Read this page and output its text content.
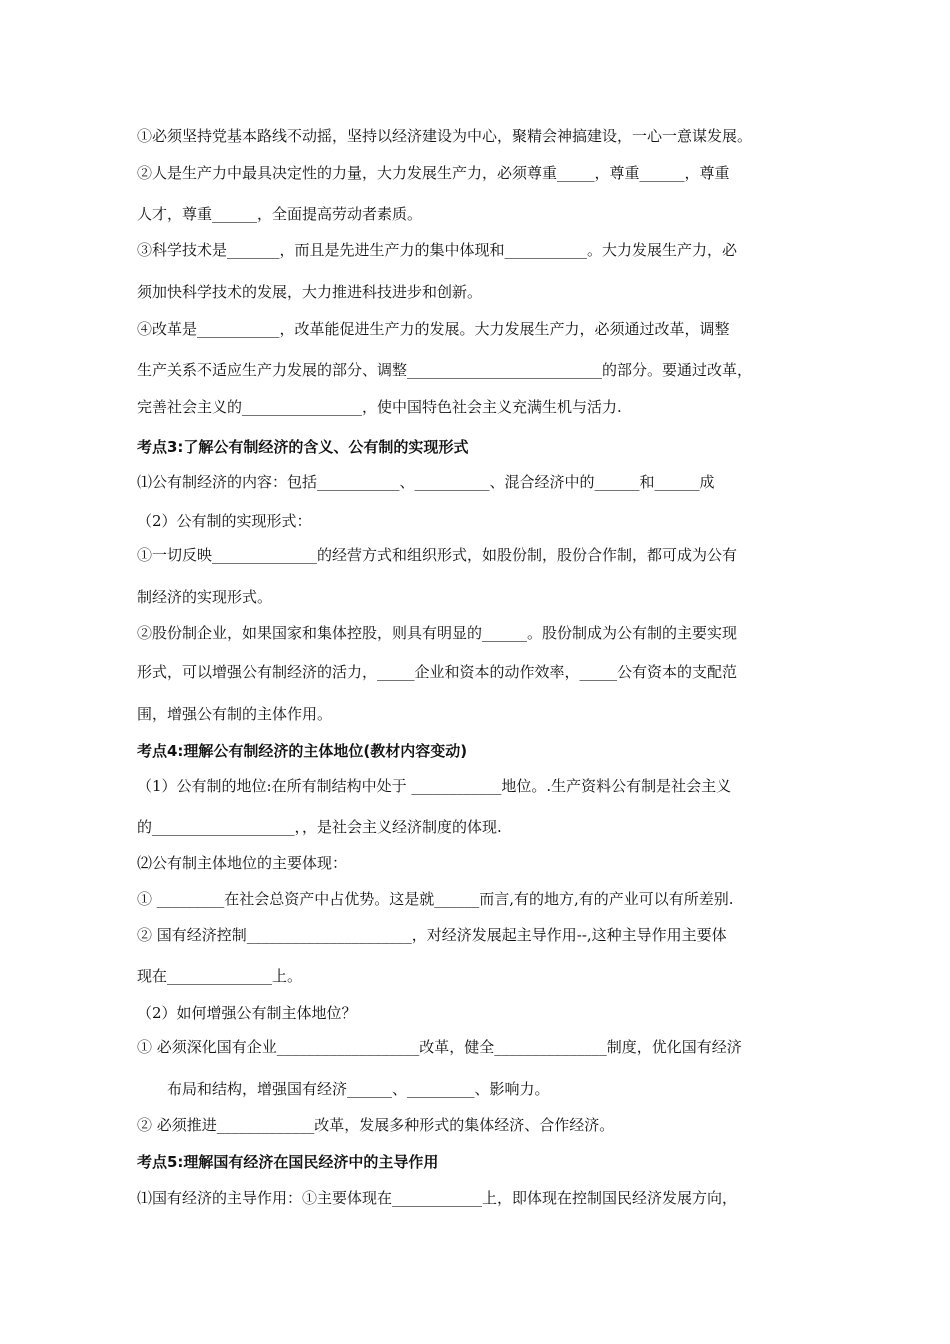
①必须坚持党基本路线不动摇，坚持以经济建设为中心，聚精会神搞建设，一心一意谋发展。
②人是生产力中最具决定性的力量，大力发展生产力，必须尊重_____，尊重______，尊重
人才，尊重______，全面提高劳动者素质。
③科学技术是_______，而且是先进生产力的集中体现和___________。大力发展生产力，必
须加快科学技术的发展，大力推进科技进步和创新。
④改革是___________，改革能促进生产力的发展。大力发展生产力，必须通过改革，调整
生产关系不适应生产力发展的部分、调整__________________________的部分。要通过改革，
完善社会主义的________________，使中国特色社会主义充满生机与活力.
考点3:了解公有制经济的含义、公有制的实现形式
⑴公有制经济的内容：包括___________、__________、混合经济中的______和______成
（2）公有制的实现形式：
①一切反映______________的经营方式和组织形式，如股份制，股份合作制，都可成为公有
制经济的实现形式。
②股份制企业，如果国家和集体控股，则具有明显的______。股份制成为公有制的主要实现
形式，可以增强公有制经济的活力，_____企业和资本的动作效率，_____公有资本的支配范
围，增强公有制的主体作用。
考点4:理解公有制经济的主体地位(教材内容变动)
（1）公有制的地位:在所有制结构中处于 ____________地位。.生产资料公有制是社会主义
的___________________，，是社会主义经济制度的体现.
⑵公有制主体地位的主要体现：
① _________在社会总资产中占优势。这是就______而言,有的地方,有的产业可以有所差别.
② 国有经济控制______________________，对经济发展起主导作用--,这种主导作用主要体
现在______________上。
（2）如何增强公有制主体地位？
① 必须深化国有企业___________________改革，健全_______________制度，优化国有经济
布局和结构，增强国有经济______、_________、影响力。
② 必须推进_____________改革，发展多种形式的集体经济、合作经济。
考点5:理解国有经济在国民经济中的主导作用
⑴国有经济的主导作用：①主要体现在____________上，即体现在控制国民经济发展方向，
